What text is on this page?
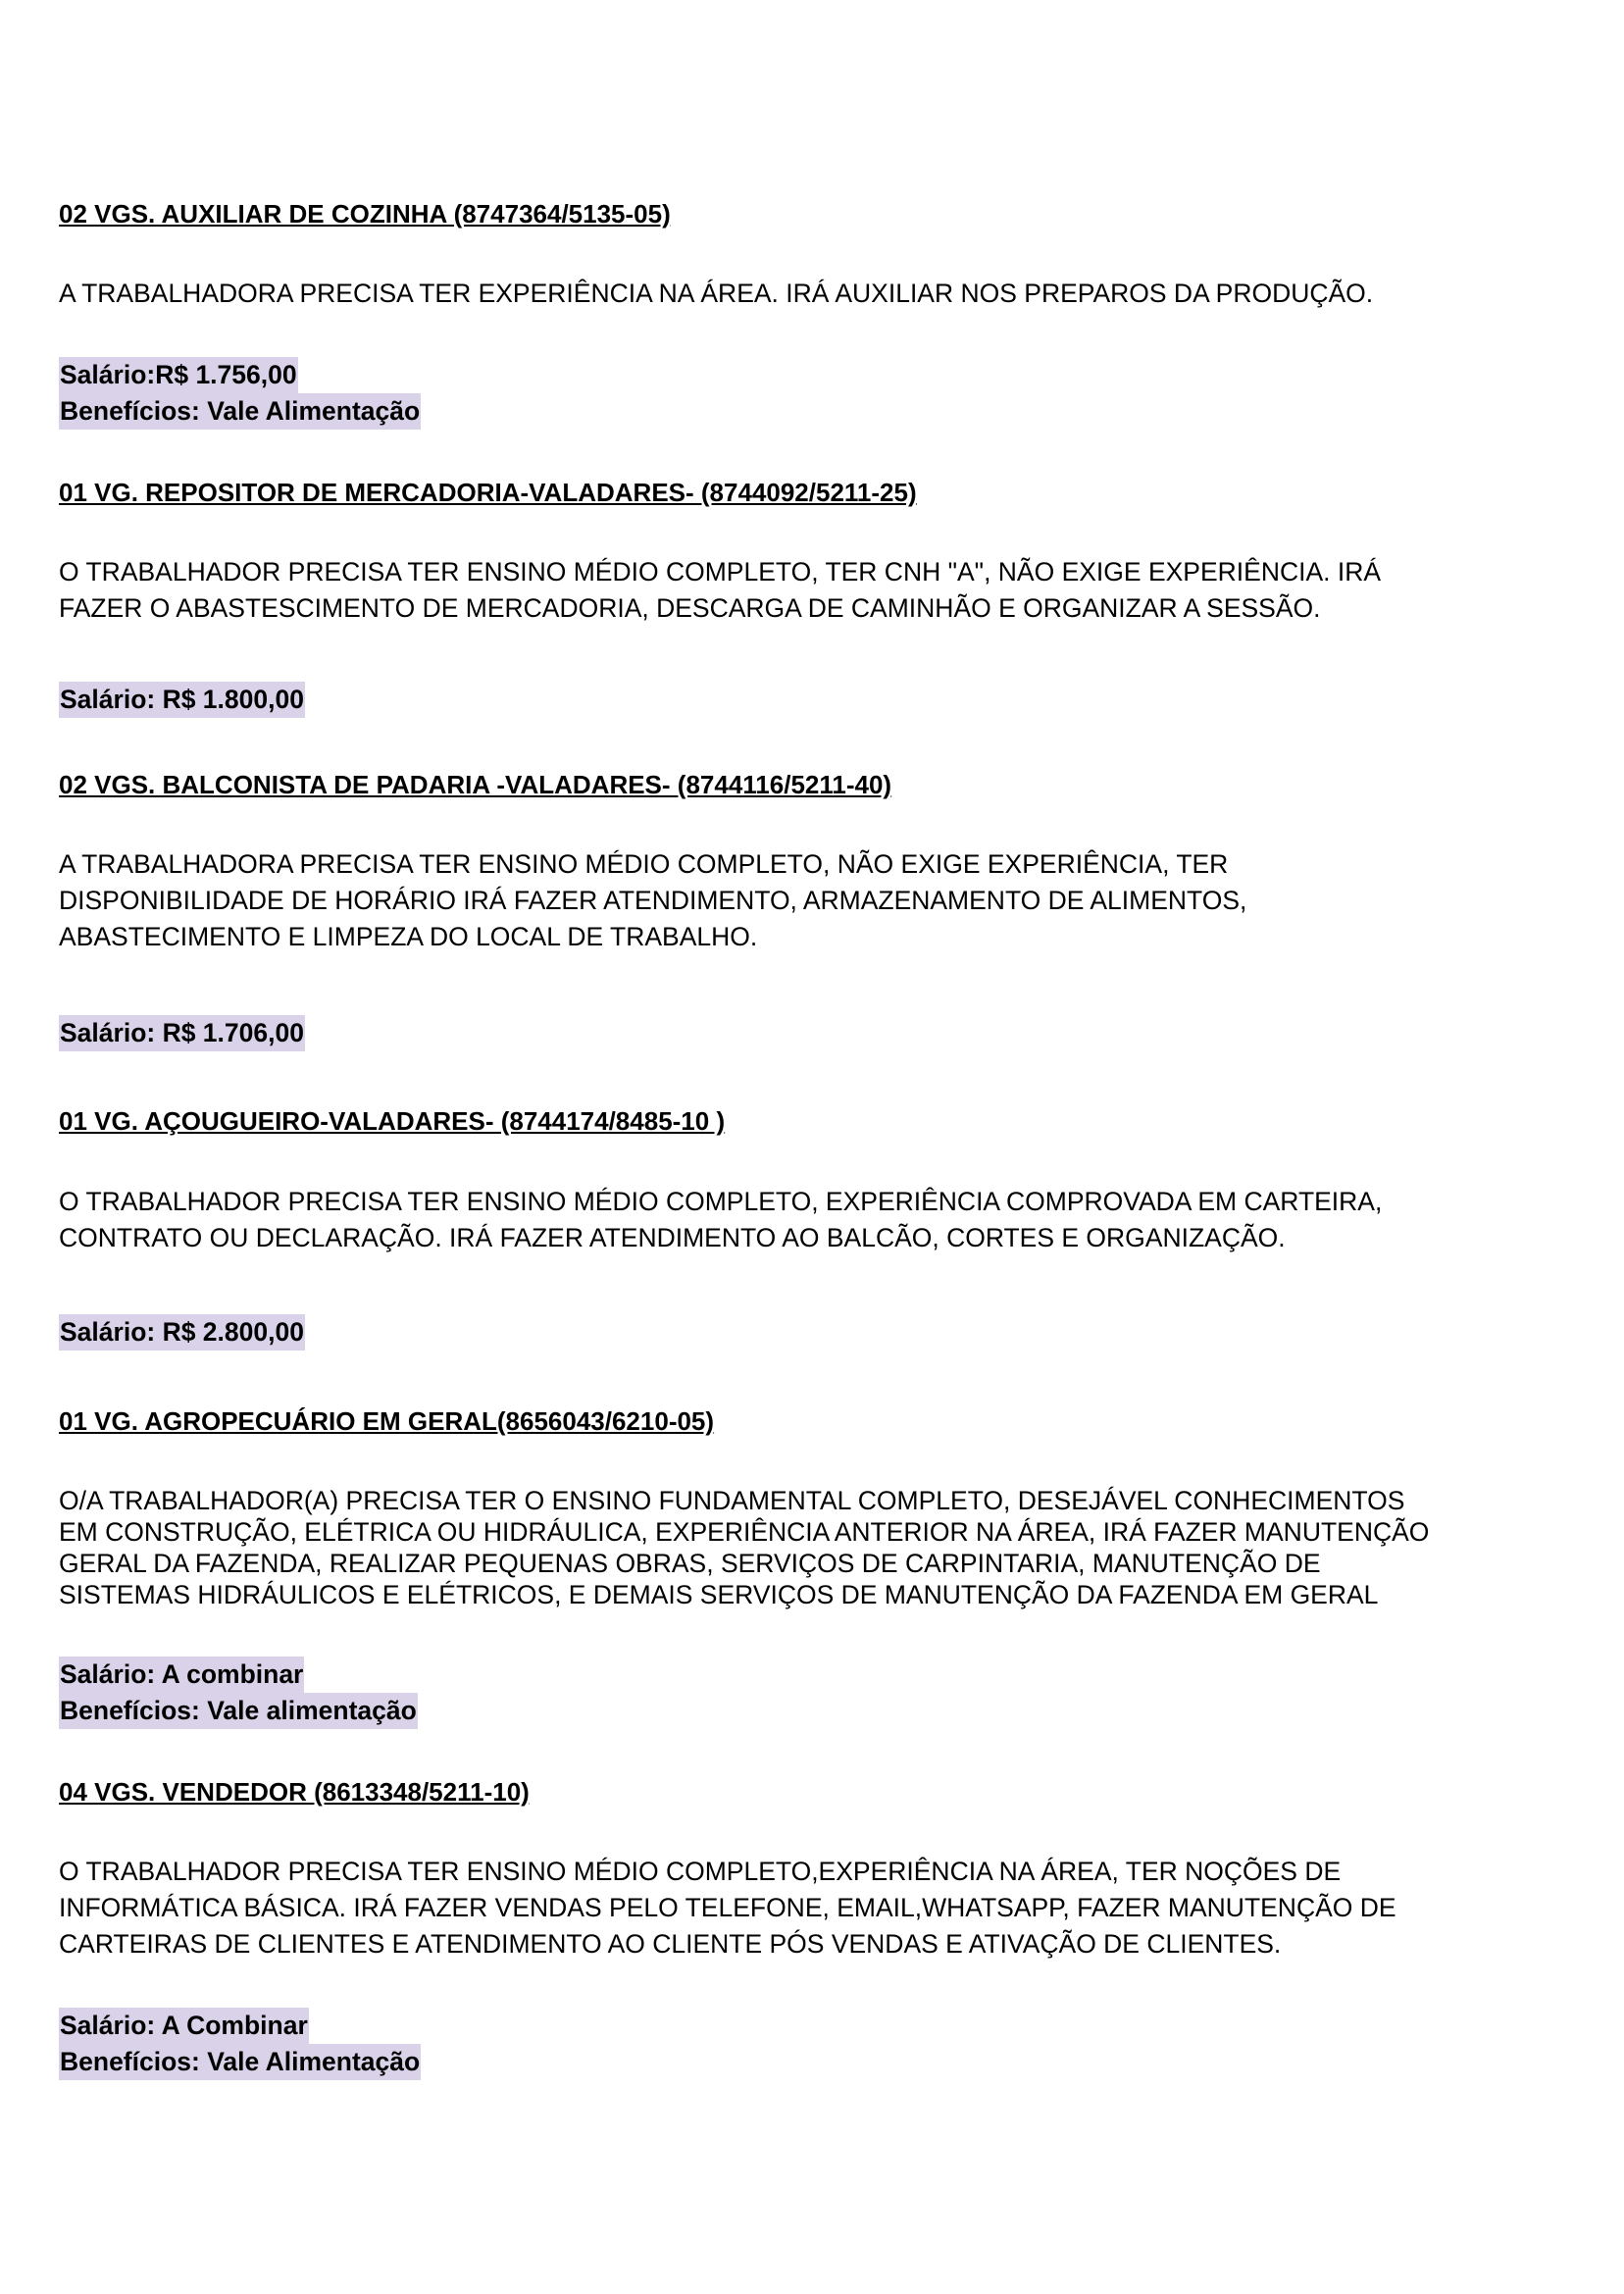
02 VGS. AUXILIAR DE COZINHA (8747364/5135-05)
A TRABALHADORA PRECISA TER EXPERIÊNCIA NA ÁREA. IRÁ AUXILIAR NOS PREPAROS DA PRODUÇÃO.
Salário:R$ 1.756,00
Benefícios: Vale Alimentação
01 VG. REPOSITOR DE MERCADORIA-VALADARES- (8744092/5211-25)
O TRABALHADOR PRECISA TER ENSINO MÉDIO COMPLETO, TER CNH "A", NÃO EXIGE EXPERIÊNCIA. IRÁ
FAZER O ABASTESCIMENTO DE MERCADORIA, DESCARGA DE CAMINHÃO E ORGANIZAR A SESSÃO.
Salário: R$ 1.800,00
02 VGS. BALCONISTA DE PADARIA -VALADARES- (8744116/5211-40)
A TRABALHADORA PRECISA TER ENSINO MÉDIO COMPLETO, NÃO EXIGE EXPERIÊNCIA, TER
DISPONIBILIDADE DE HORÁRIO IRÁ FAZER ATENDIMENTO, ARMAZENAMENTO DE ALIMENTOS,
ABASTECIMENTO E LIMPEZA DO LOCAL DE TRABALHO.
Salário: R$ 1.706,00
01 VG. AÇOUGUEIRO-VALADARES- (8744174/8485-10 )
O TRABALHADOR PRECISA TER ENSINO MÉDIO COMPLETO, EXPERIÊNCIA COMPROVADA EM CARTEIRA,
CONTRATO OU DECLARAÇÃO. IRÁ FAZER ATENDIMENTO AO BALCÃO, CORTES E ORGANIZAÇÃO.
Salário: R$ 2.800,00
01 VG. AGROPECUÁRIO EM GERAL(8656043/6210-05)
O/A TRABALHADOR(A) PRECISA TER O ENSINO FUNDAMENTAL COMPLETO, DESEJÁVEL CONHECIMENTOS
EM CONSTRUÇÃO, ELÉTRICA OU HIDRÁULICA, EXPERIÊNCIA ANTERIOR NA ÁREA, IRÁ FAZER MANUTENÇÃO
GERAL DA FAZENDA, REALIZAR PEQUENAS OBRAS, SERVIÇOS DE CARPINTARIA, MANUTENÇÃO DE
SISTEMAS HIDRÁULICOS E ELÉTRICOS, E DEMAIS SERVIÇOS DE MANUTENÇÃO DA FAZENDA EM GERAL
Salário: A combinar
Benefícios: Vale alimentação
04 VGS. VENDEDOR (8613348/5211-10)
O TRABALHADOR PRECISA TER ENSINO MÉDIO COMPLETO,EXPERIÊNCIA NA ÁREA, TER NOÇÕES DE
INFORMÁTICA BÁSICA. IRÁ FAZER VENDAS PELO TELEFONE, EMAIL,WHATSAPP, FAZER MANUTENÇÃO DE
CARTEIRAS DE CLIENTES E ATENDIMENTO AO CLIENTE PÓS VENDAS E ATIVAÇÃO DE CLIENTES.
Salário: A Combinar
Benefícios: Vale Alimentação
